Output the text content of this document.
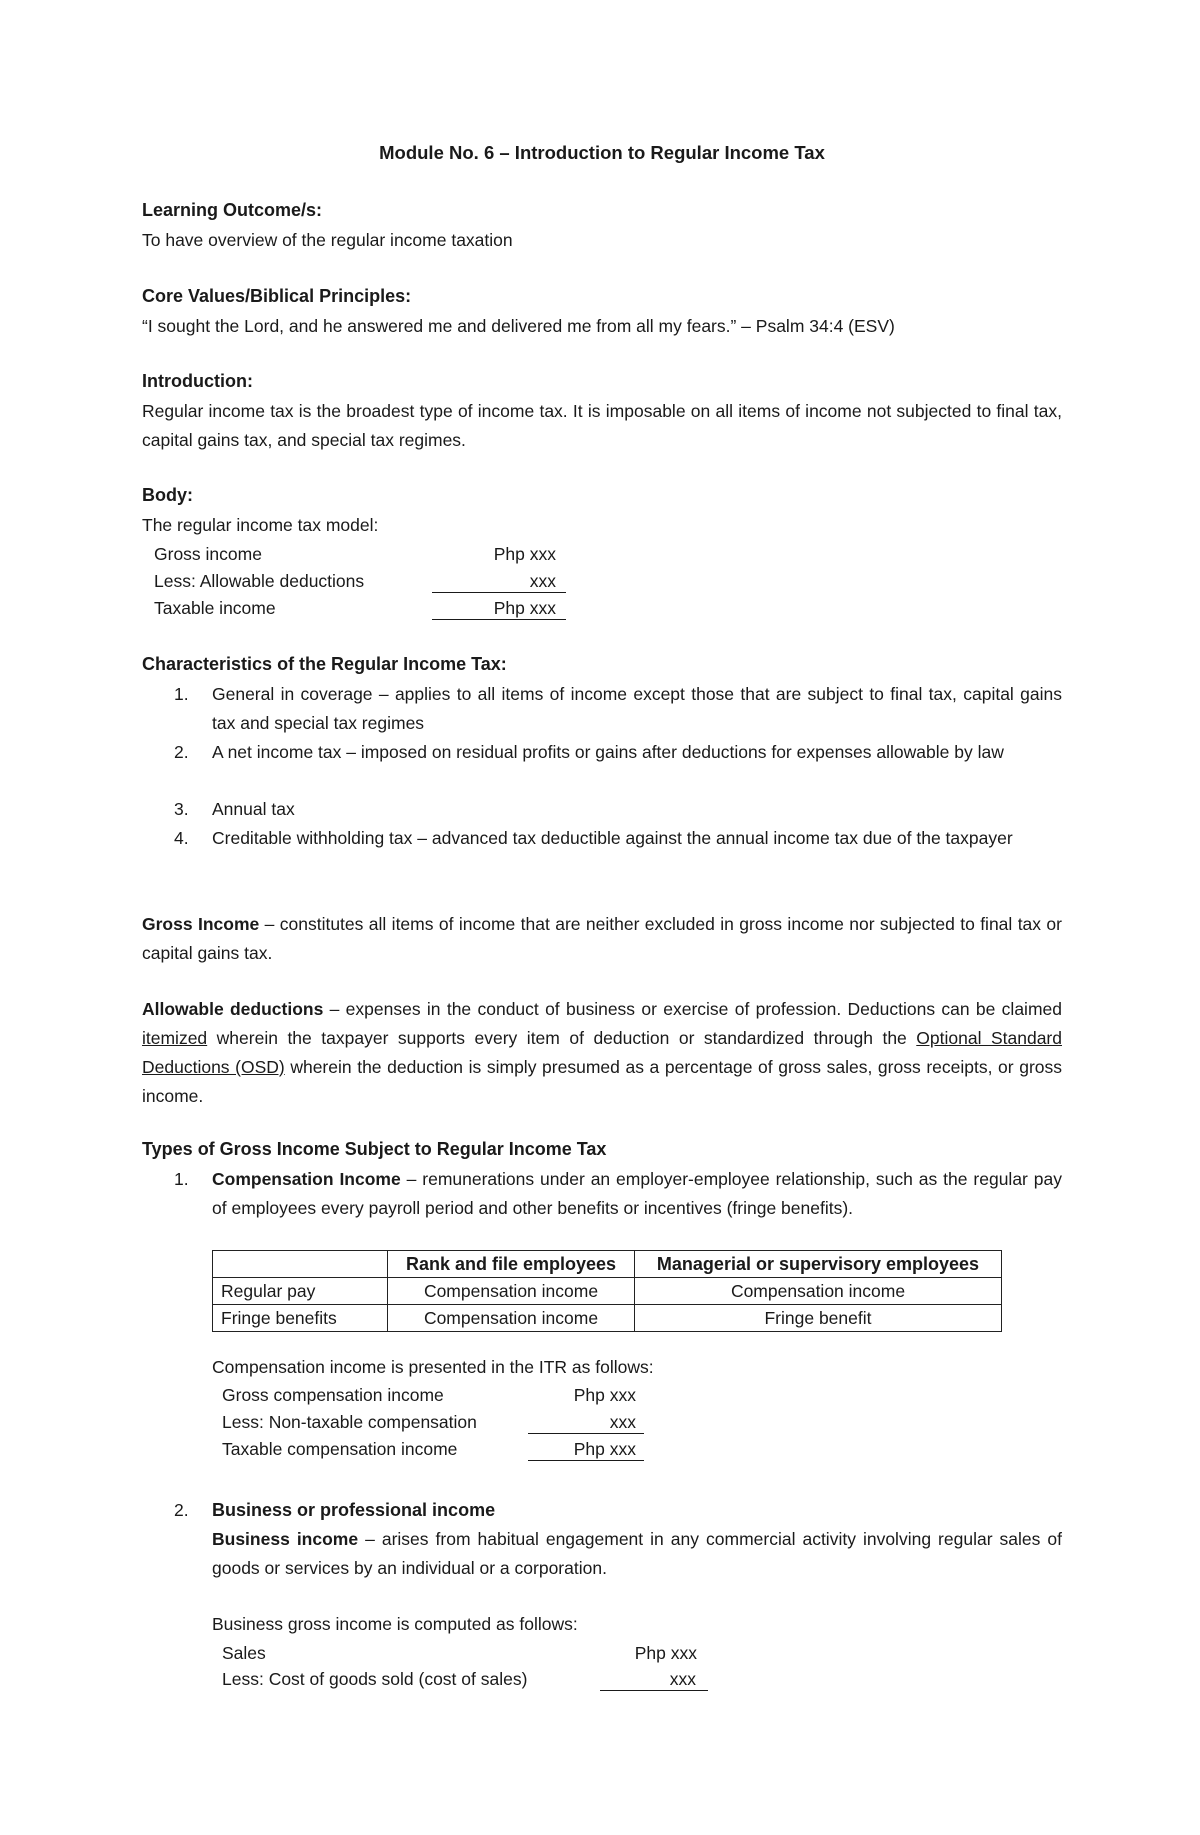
Module No. 6 – Introduction to Regular Income Tax
Learning Outcome/s:
To have overview of the regular income taxation
Core Values/Biblical Principles:
“I sought the Lord, and he answered me and delivered me from all my fears.” – Psalm 34:4 (ESV)
Introduction:
Regular income tax is the broadest type of income tax. It is imposable on all items of income not subjected to final tax, capital gains tax, and special tax regimes.
Body:
The regular income tax model:
Gross income	Php xxx
Less: Allowable deductions	xxx
Taxable income	Php xxx
Characteristics of the Regular Income Tax:
1.	General in coverage – applies to all items of income except those that are subject to final tax, capital gains tax and special tax regimes
2.	A net income tax – imposed on residual profits or gains after deductions for expenses allowable by law
3.	Annual tax
4.	Creditable withholding tax – advanced tax deductible against the annual income tax due of the taxpayer
Gross Income – constitutes all items of income that are neither excluded in gross income nor subjected to final tax or capital gains tax.
Allowable deductions – expenses in the conduct of business or exercise of profession. Deductions can be claimed itemized wherein the taxpayer supports every item of deduction or standardized through the Optional Standard Deductions (OSD) wherein the deduction is simply presumed as a percentage of gross sales, gross receipts, or gross income.
Types of Gross Income Subject to Regular Income Tax
1.	Compensation Income – remunerations under an employer-employee relationship, such as the regular pay of employees every payroll period and other benefits or incentives (fringe benefits).
	Rank and file employees	Managerial or supervisory employees
Regular pay	Compensation income	Compensation income
Fringe benefits	Compensation income	Fringe benefit
Compensation income is presented in the ITR as follows:
Gross compensation income	Php xxx
Less: Non-taxable compensation	xxx
Taxable compensation income	Php xxx
2. Business or professional income
Business income – arises from habitual engagement in any commercial activity involving regular sales of goods or services by an individual or a corporation.
Business gross income is computed as follows:
Sales	Php xxx
Less: Cost of goods sold (cost of sales)	xxx
